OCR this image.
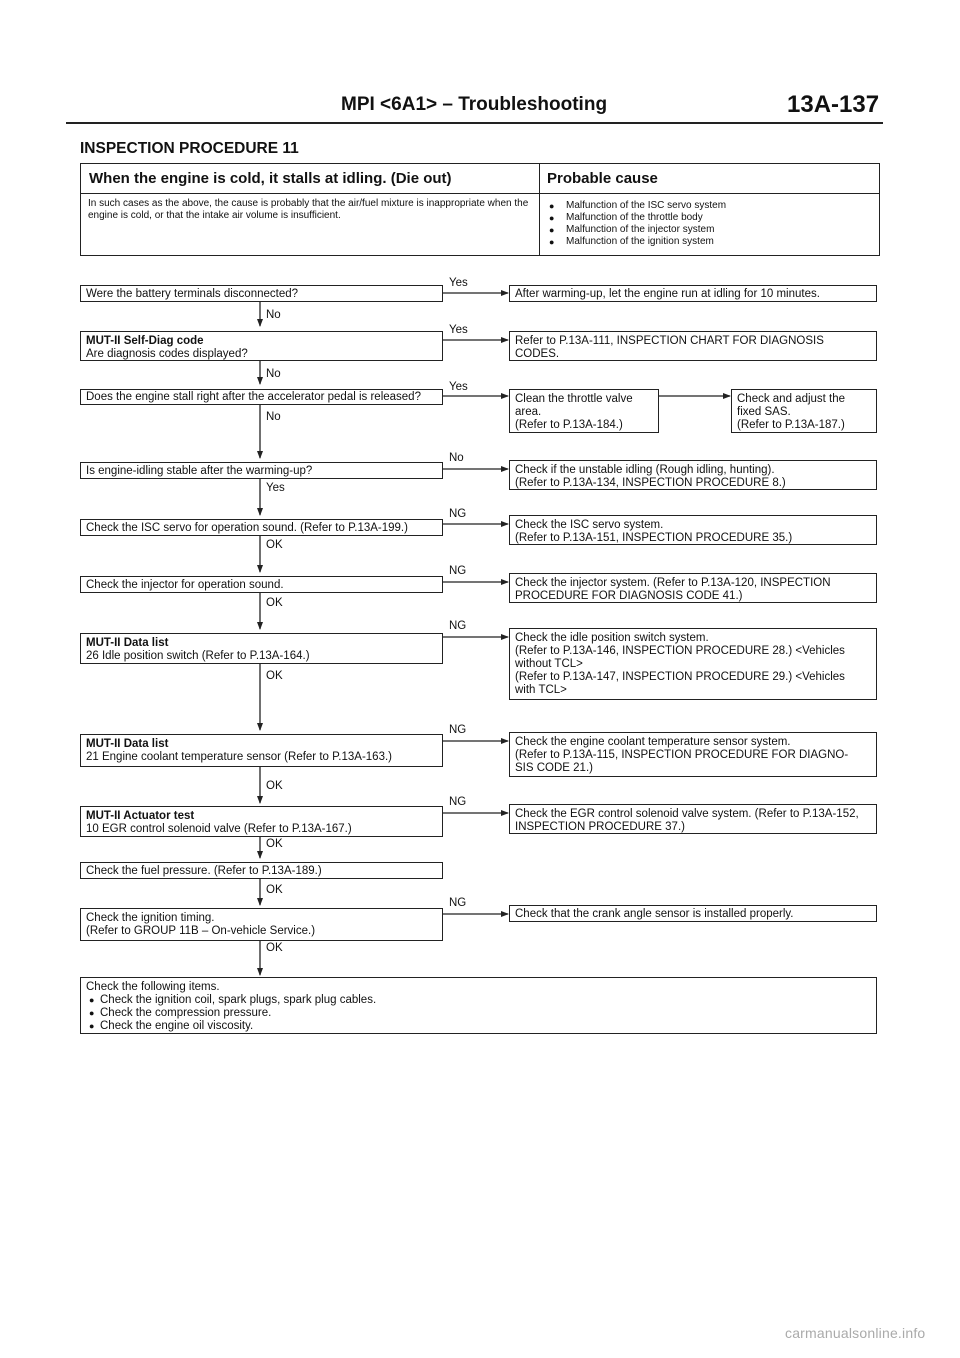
MPI <6A1> – Troubleshooting	13A-137
INSPECTION PROCEDURE 11
When the engine is cold, it stalls at idling. (Die out)
In such cases as the above, the cause is probably that the air/fuel mixture is inappropriate when the engine is cold, or that the intake air volume is insufficient.
Probable cause
● Malfunction of the ISC servo system
● Malfunction of the throttle body
● Malfunction of the injector system
● Malfunction of the ignition system
Yes
No
Yes
No
Yes
No
No
Yes
NG
OK
NG
OK
NG
OK
NG
OK
NG
OK
OK
NG
OK
Were the battery terminals disconnected?
MUT-II Self-Diag code
Are diagnosis codes displayed?
Does the engine stall right after the accelerator pedal is released?
Is engine-idling stable after the warming-up?
Check the ISC servo for operation sound. (Refer to P.13A-199.)
Check the injector for operation sound.
MUT-II Data list
26 Idle position switch (Refer to P.13A-164.)
MUT-II Data list
21 Engine coolant temperature sensor (Refer to P.13A-163.)
MUT-II Actuator test
10 EGR control solenoid valve (Refer to P.13A-167.)
Check the fuel pressure. (Refer to P.13A-189.)
Check the ignition timing.
(Refer to GROUP 11B – On-vehicle Service.)
After warming-up, let the engine run at idling for 10 minutes.
Refer to P.13A-111, INSPECTION CHART FOR DIAGNOSIS
CODES.
Clean the throttle valve
area.
(Refer to P.13A-184.)
Check and adjust the
fixed SAS.
(Refer to P.13A-187.)
Check if the unstable idling (Rough idling, hunting).
(Refer to P.13A-134, INSPECTION PROCEDURE 8.)
Check the ISC servo system.
(Refer to P.13A-151, INSPECTION PROCEDURE 35.)
Check the injector system. (Refer to P.13A-120, INSPECTION
PROCEDURE FOR DIAGNOSIS CODE 41.)
Check the idle position switch system.
(Refer to P.13A-146, INSPECTION PROCEDURE 28.) <Vehicles
without TCL>
(Refer to P.13A-147, INSPECTION PROCEDURE 29.) <Vehicles
with TCL>
Check the engine coolant temperature sensor system.
(Refer to P.13A-115, INSPECTION PROCEDURE FOR DIAGNO-
SIS CODE 21.)
Check the EGR control solenoid valve system. (Refer to P.13A-152,
INSPECTION PROCEDURE 37.)
Check that the crank angle sensor is installed properly.
Check the following items.
● Check the ignition coil, spark plugs, spark plug cables.
● Check the compression pressure.
● Check the engine oil viscosity.
carmanualsonline.info
